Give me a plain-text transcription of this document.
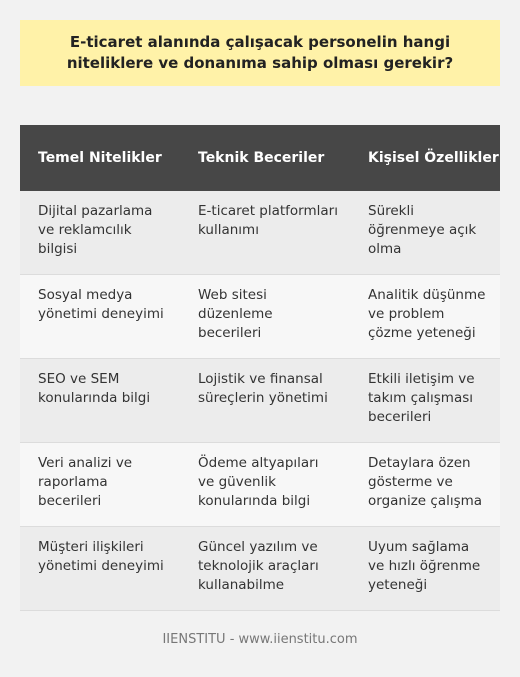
E-ticaret alanında çalışacak personelin hangi niteliklere ve donanıma sahip olması gerekir?
Temel Nitelikler	Teknik Beceriler	Kişisel Özellikler
Dijital pazarlama ve reklamcılık bilgisi
E-ticaret platformları kullanımı
Sürekli öğrenmeye açık olma
Sosyal medya yönetimi deneyimi
Web sitesi düzenleme becerileri
Analitik düşünme ve problem çözme yeteneği
SEO ve SEM konularında bilgi
Lojistik ve finansal süreçlerin yönetimi
Etkili iletişim ve takım çalışması becerileri
Veri analizi ve raporlama becerileri
Ödeme altyapıları ve güvenlik konularında bilgi
Detaylara özen gösterme ve organize çalışma
Müşteri ilişkileri yönetimi deneyimi
Güncel yazılım ve teknolojik araçları kullanabilme
Uyum sağlama ve hızlı öğrenme yeteneği
IIENSTITU - www.iienstitu.com
